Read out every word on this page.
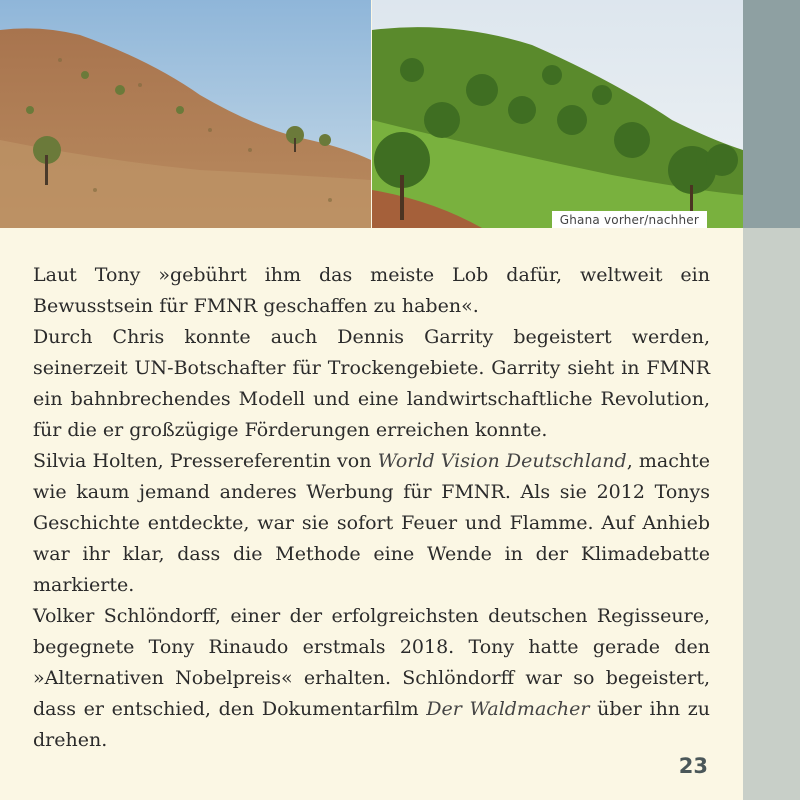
Ghana vorher/nachher

Laut Tony »gebührt ihm das meiste Lob dafür, weltweit ein Bewusstsein für FMNR geschaffen zu haben«.

Durch Chris konnte auch Dennis Garrity begeistert werden, seinerzeit UN-Botschafter für Trockengebiete. Garrity sieht in FMNR ein bahnbrechendes Modell und eine landwirtschaftliche Revolution, für die er großzügige Förderungen erreichen konnte.

Silvia Holten, Pressereferentin von World Vision Deutschland, machte wie kaum jemand anderes Werbung für FMNR. Als sie 2012 Tonys Geschichte entdeckte, war sie sofort Feuer und Flamme. Auf Anhieb war ihr klar, dass die Methode eine Wende in der Klimadebatte markierte.

Volker Schlöndorff, einer der erfolgreichsten deutschen Regisseure, begegnete Tony Rinaudo erstmals 2018. Tony hatte gerade den »Alternativen Nobelpreis« erhalten. Schlöndorff war so begeistert, dass er entschied, den Dokumentarfilm Der Waldmacher über ihn zu drehen.

23
